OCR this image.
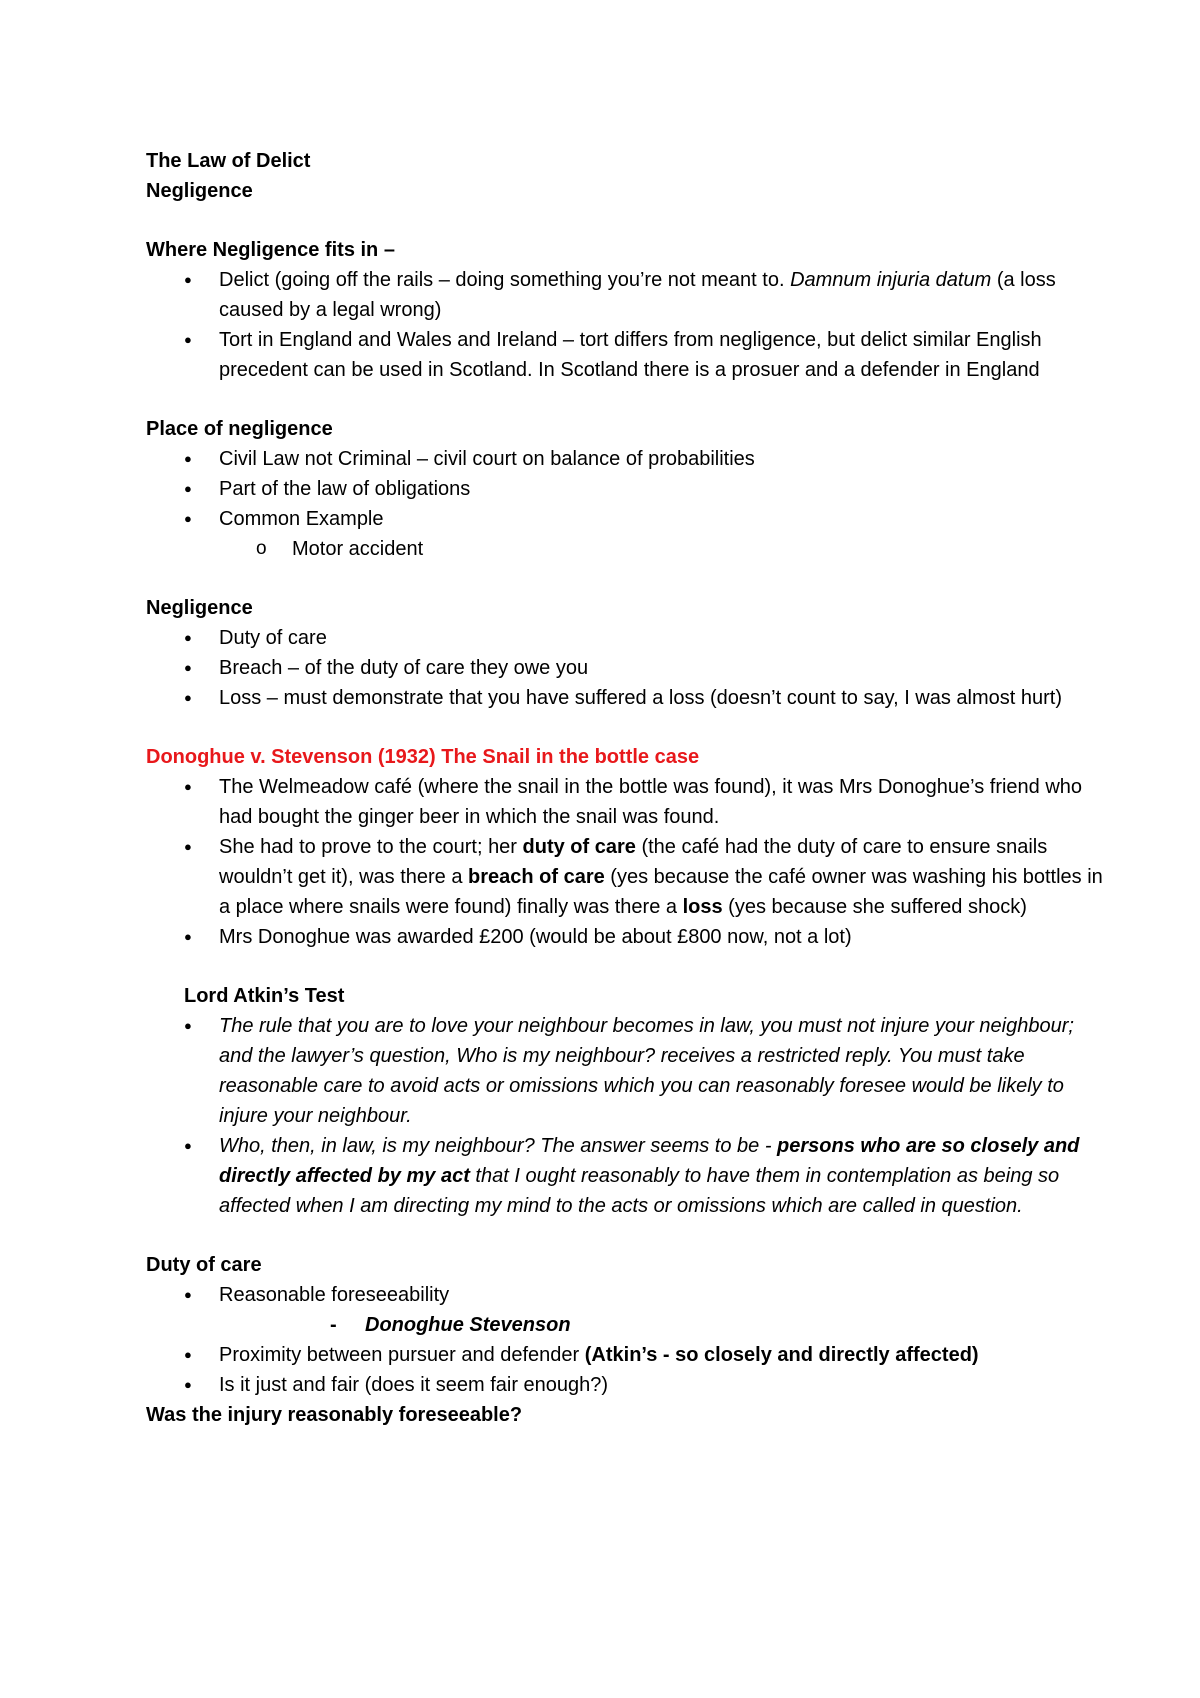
The Law of Delict

Negligence

Where Negligence fits in –

● Delict (going off the rails – doing something you’re not meant to. Damnum injuria datum (a loss caused by a legal wrong)
● Tort in England and Wales and Ireland – tort differs from negligence, but delict similar English precedent can be used in Scotland. In Scotland there is a prosuer and a defender in England

Place of negligence

● Civil Law not Criminal – civil court on balance of probabilities
● Part of the law of obligations
● Common Example
o Motor accident

Negligence

● Duty of care
● Breach – of the duty of care they owe you
● Loss – must demonstrate that you have suffered a loss (doesn’t count to say, I was almost hurt)

Donoghue v. Stevenson (1932) The Snail in the bottle case

● The Welmeadow café (where the snail in the bottle was found), it was Mrs Donoghue’s friend who had bought the ginger beer in which the snail was found.
● She had to prove to the court; her duty of care (the café had the duty of care to ensure snails wouldn’t get it), was there a breach of care (yes because the café owner was washing his bottles in a place where snails were found) finally was there a loss (yes because she suffered shock)
● Mrs Donoghue was awarded £200 (would be about £800 now, not a lot)

Lord Atkin’s Test

● The rule that you are to love your neighbour becomes in law, you must not injure your neighbour; and the lawyer’s question, Who is my neighbour? receives a restricted reply. You must take reasonable care to avoid acts or omissions which you can reasonably foresee would be likely to injure your neighbour.
● Who, then, in law, is my neighbour? The answer seems to be - persons who are so closely and directly affected by my act that I ought reasonably to have them in contemplation as being so affected when I am directing my mind to the acts or omissions which are called in question.

Duty of care

● Reasonable foreseeability
- Donoghue Stevenson
● Proximity between pursuer and defender (Atkin’s - so closely and directly affected)
● Is it just and fair (does it seem fair enough?)

Was the injury reasonably foreseeable?
